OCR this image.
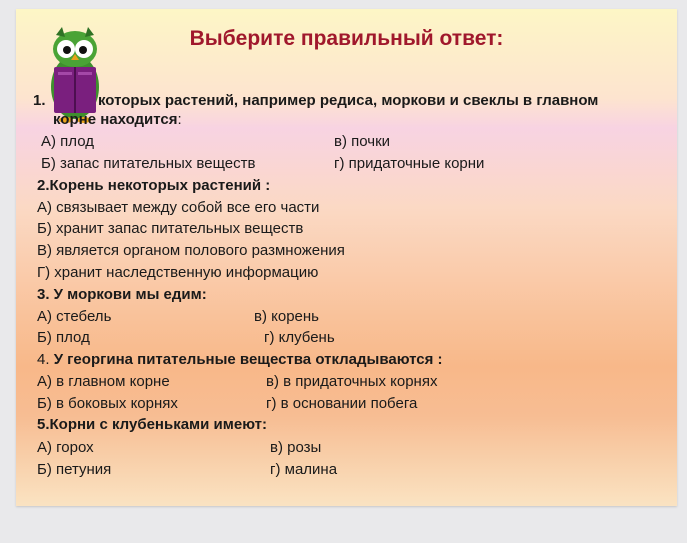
Выберите правильный ответ:
1.	которых растений, например редиса, моркови и свеклы в главном
корне находится:
А) плод	в) почки
Б) запас питательных веществ	г) придаточные корни
2.Корень некоторых растений :
А) связывает между собой все его части
Б) хранит запас питательных веществ
В) является органом полового размножения
Г) хранит наследственную информацию
3. У моркови мы едим:
А) стебель	в) корень
Б) плод	г) клубень
4. У георгина питательные вещества откладываются :
А) в главном корне	в) в придаточных корнях
Б) в боковых корнях	г) в основании побега
5.Корни с клубеньками имеют:
А) горох	в) розы
Б) петуния	г) малина
